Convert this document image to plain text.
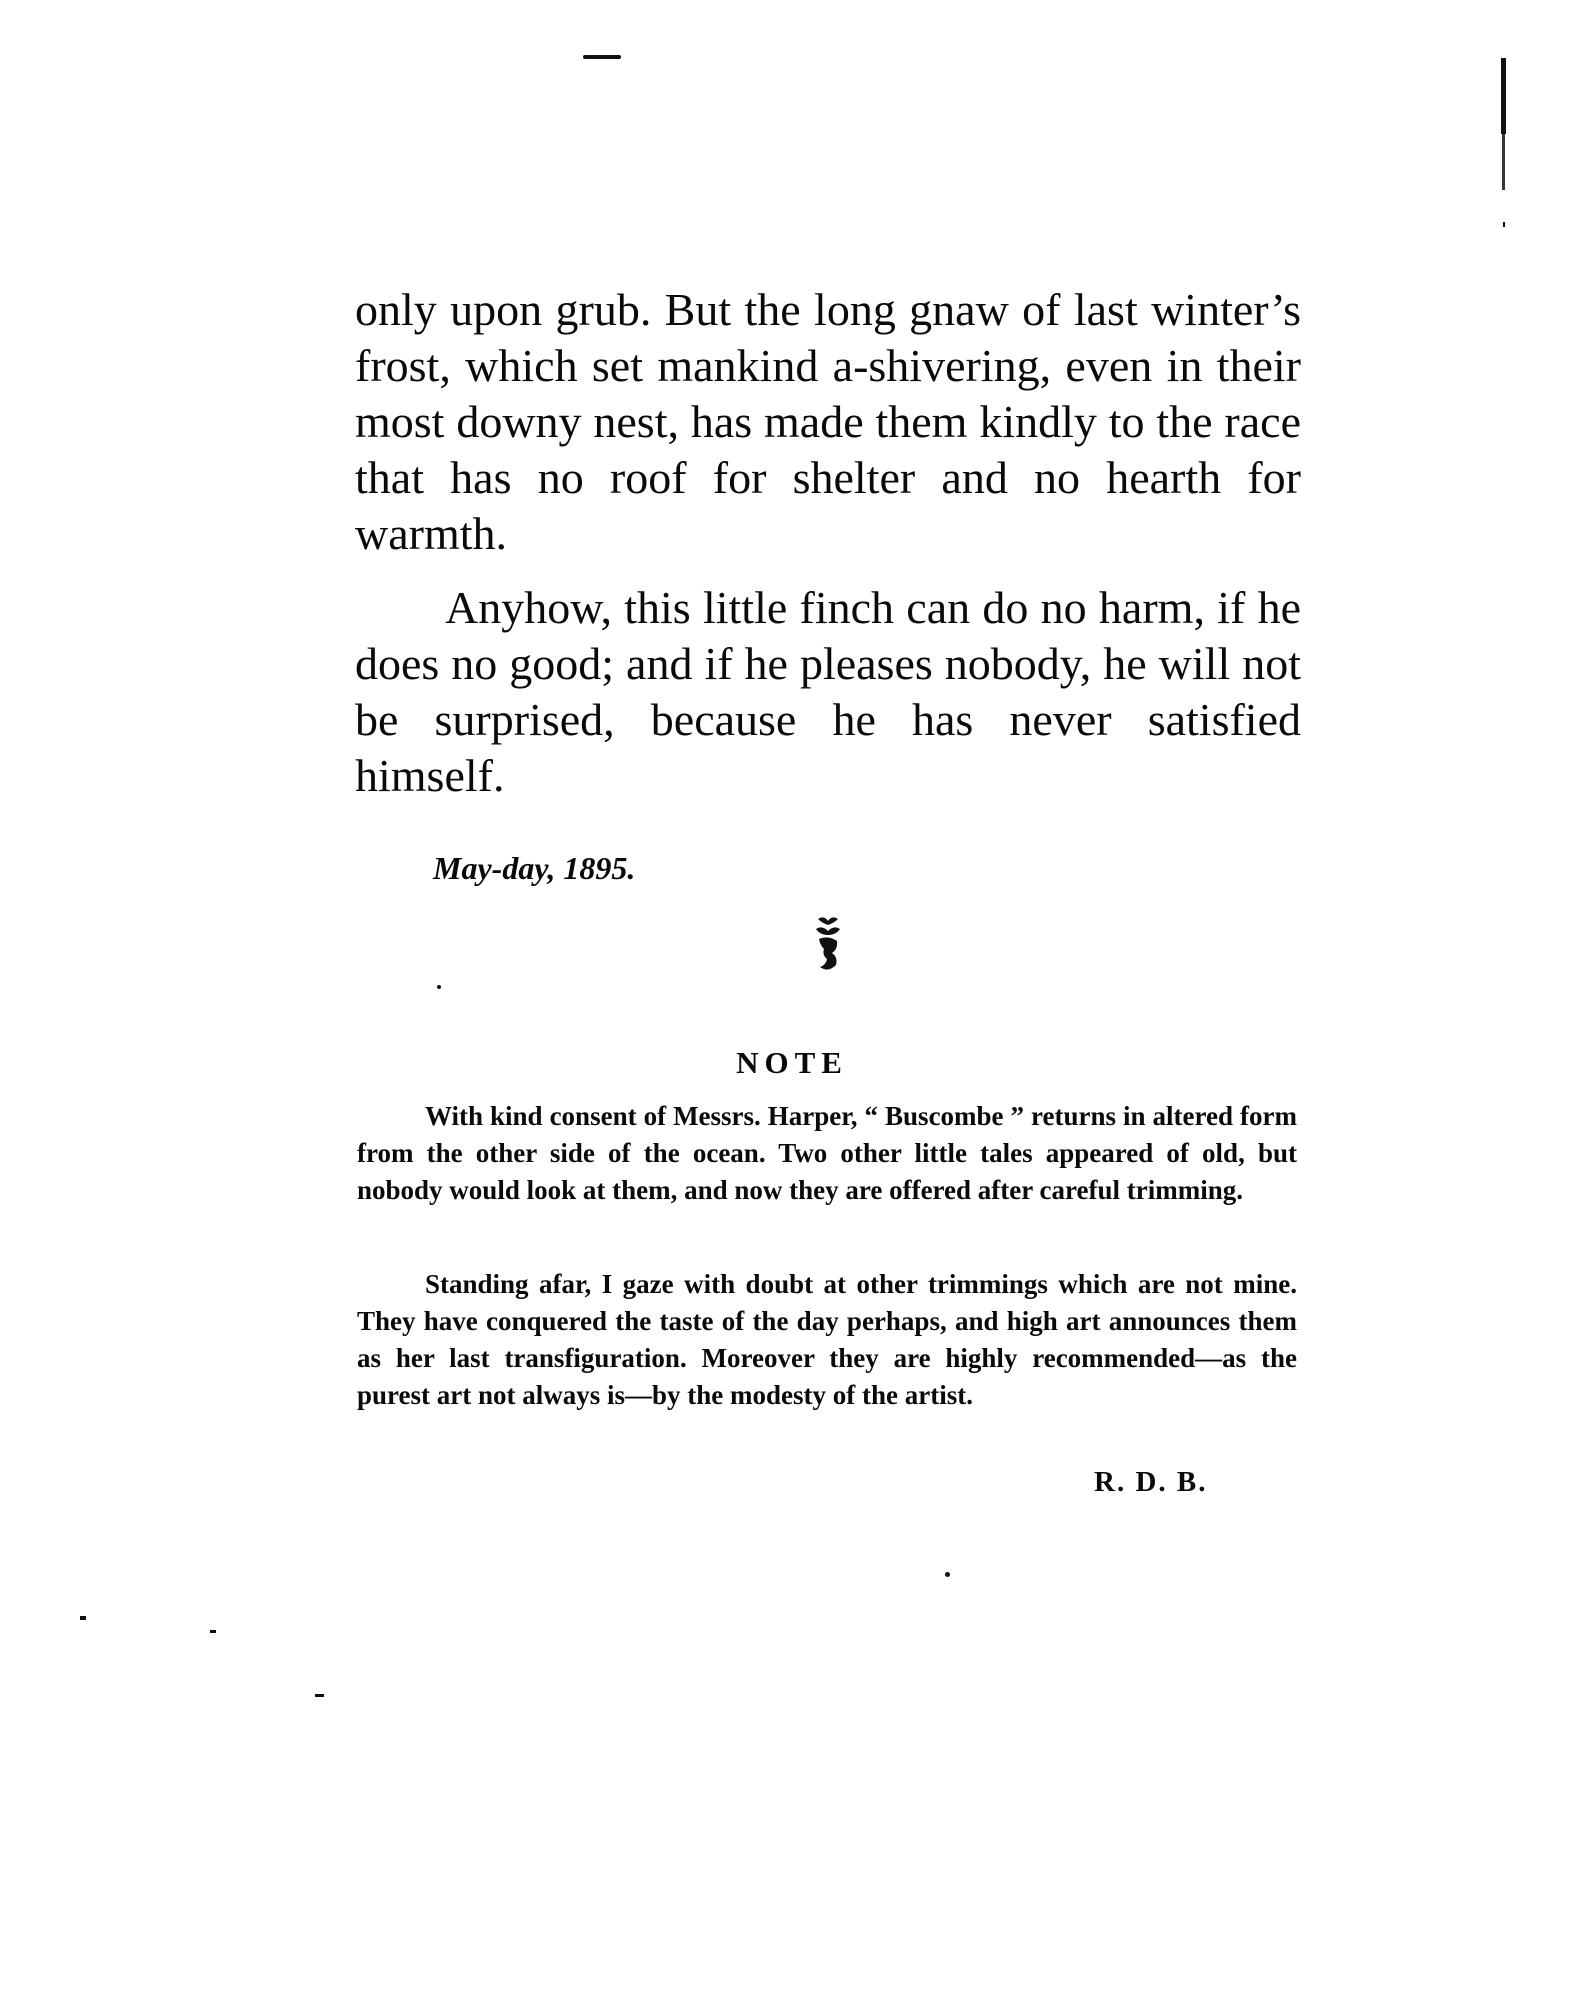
only upon grub. But the long gnaw of last winter’s frost, which set mankind a-shivering, even in their most downy nest, has made them kindly to the race that has no roof for shelter and no hearth for warmth.

Anyhow, this little finch can do no harm, if he does no good; and if he pleases nobody, he will not be surprised, because he has never satisfied himself.

May-day, 1895.

NOTE

With kind consent of Messrs. Harper, “ Buscombe ” returns in altered form from the other side of the ocean. Two other little tales appeared of old, but nobody would look at them, and now they are offered after careful trimming.

Standing afar, I gaze with doubt at other trimmings which are not mine. They have conquered the taste of the day perhaps, and high art announces them as her last transfiguration. Moreover they are highly recommended—as the purest art not always is—by the modesty of the artist.

R. D. B.
